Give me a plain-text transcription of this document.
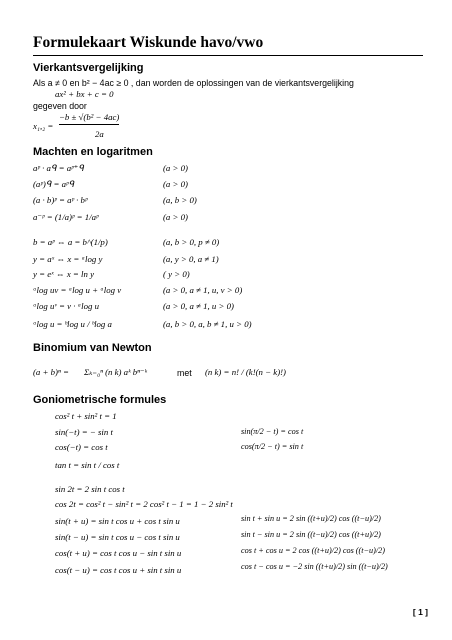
Formulekaart Wiskunde havo/vwo
Vierkantsvergelijking
Als a ≠ 0 en b² − 4ac ≥ 0 , dan worden de oplossingen van de vierkantsvergelijking
ax² + bx + c = 0
gegeven door
x₁,₂ =
−b ± √(b² − 4ac)
2a
Machten en logaritmen
aᵖ · aᑫ = aᵖ⁺ᑫ	(a > 0)
(aᵖ)ᑫ = aᵖᑫ	(a > 0)
(a · b)ᵖ = aᵖ · bᵖ	(a, b > 0)
a⁻ᵖ = (1/a)ᵖ = 1/aᵖ	(a > 0)
b = aᵖ ⇔ a = b^(1/p)	(a, b > 0, p ≠ 0)
y = aˣ ⇔ x = ᵃlog y	(a, y > 0, a ≠ 1)
y = eˣ ⇔ x = ln y	( y > 0)
ᵃlog uv = ᵃlog u + ᵃlog v	(a > 0, a ≠ 1, u, v > 0)
ᵃlog uᵛ = v · ᵃlog u	(a > 0, a ≠ 1, u > 0)
ᵃlog u = ᵇlog u / ᵇlog a	(a, b > 0, a, b ≠ 1, u > 0)
Binomium van Newton
(a + b)ⁿ = Σₖ₌₀ⁿ (n k) aᵏ bⁿ⁻ᵏ	met (n k) = n! / (k!(n − k)!)
Goniometrische formules
cos² t + sin² t = 1
sin(−t) = − sin t
cos(−t) = cos t
tan t = sin t / cos t
sin 2t = 2 sin t cos t
cos 2t = cos² t − sin² t = 2 cos² t − 1 = 1 − 2 sin² t
sin(t + u) = sin t cos u + cos t sin u
sin(t − u) = sin t cos u − cos t sin u
cos(t + u) = cos t cos u − sin t sin u
cos(t − u) = cos t cos u + sin t sin u
sin(π/2 − t) = cos t
cos(π/2 − t) = sin t
sin t + sin u = 2 sin ((t+u)/2) cos ((t−u)/2)
sin t − sin u = 2 sin ((t−u)/2) cos ((t+u)/2)
cos t + cos u = 2 cos ((t+u)/2) cos ((t−u)/2)
cos t − cos u = −2 sin ((t+u)/2) sin ((t−u)/2)
[ 1 ]
